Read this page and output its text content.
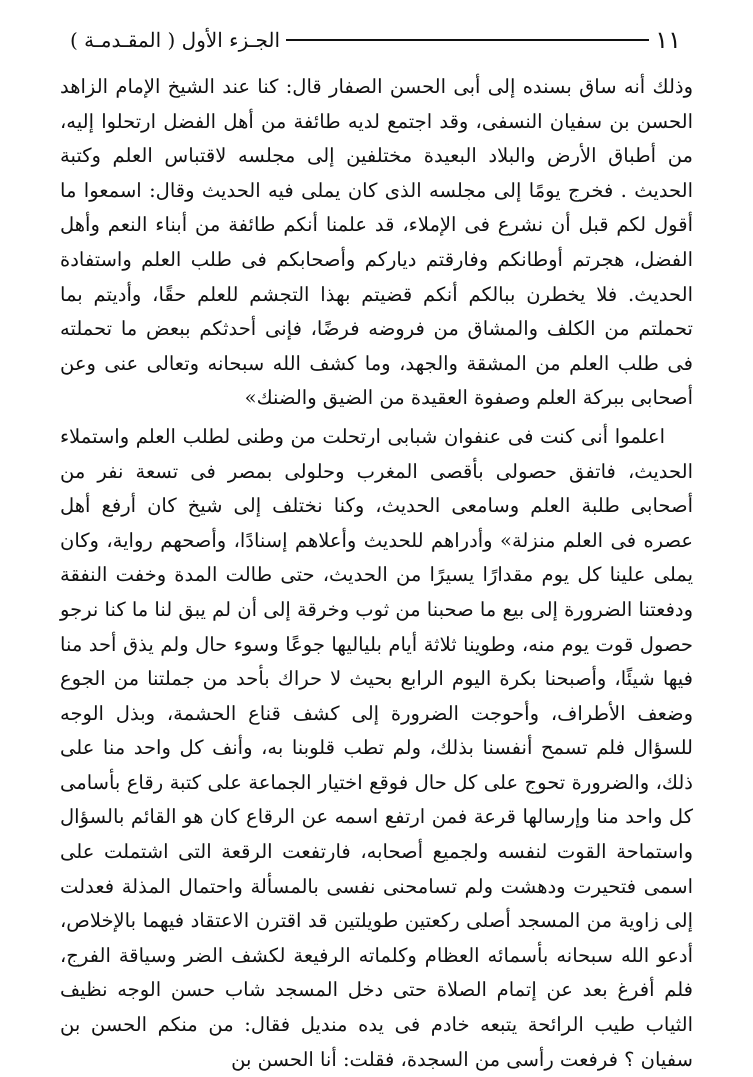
١١
الجـزء الأول ( المقـدمـة )

وذلك أنه ساق بسنده إلى أبى الحسن الصفار قال: كنا عند الشيخ الإمام الزاهد الحسن بن سفيان النسفى، وقد اجتمع لديه طائفة من أهل الفضل ارتحلوا إليه، من أطباق الأرض والبلاد البعيدة مختلفين إلى مجلسه لاقتباس العلم وكتبة الحديث . فخرج يومًا إلى مجلسه الذى كان يملى فيه الحديث وقال: اسمعوا ما أقول لكم قبل أن نشرع فى الإملاء، قد علمنا أنكم طائفة من أبناء النعم وأهل الفضل، هجرتم أوطانكم وفارقتم دياركم وأصحابكم فى طلب العلم واستفادة الحديث. فلا يخطرن ببالكم أنكم قضيتم بهذا التجشم للعلم حقًا، وأديتم بما تحملتم من الكلف والمشاق من فروضه فرضًا، فإنى أحدثكم ببعض ما تحملته فى طلب العلم من المشقة والجهد، وما كشف الله سبحانه وتعالى عنى وعن أصحابى ببركة العلم وصفوة العقيدة من الضيق والضنك»

اعلموا أنى كنت فى عنفوان شبابى ارتحلت من وطنى لطلب العلم واستملاء الحديث، فاتفق حصولى بأقصى المغرب وحلولى بمصر فى تسعة نفر من أصحابى طلبة العلم وسامعى الحديث، وكنا نختلف إلى شيخ كان أرفع أهل عصره فى العلم منزلة» وأدراهم للحديث وأعلاهم إسنادًا، وأصحهم رواية، وكان يملى علينا كل يوم مقدارًا يسيرًا من الحديث، حتى طالت المدة وخفت النفقة ودفعتنا الضرورة إلى بيع ما صحبنا من ثوب وخرقة إلى أن لم يبق لنا ما كنا نرجو حصول قوت يوم منه، وطوينا ثلاثة أيام بلياليها جوعًا وسوء حال ولم يذق أحد منا فيها شيئًا، وأصبحنا بكرة اليوم الرابع بحيث لا حراك بأحد من جملتنا من الجوع وضعف الأطراف، وأحوجت الضرورة إلى كشف قناع الحشمة، وبذل الوجه للسؤال فلم تسمح أنفسنا بذلك، ولم تطب قلوبنا به، وأنف كل واحد منا على ذلك، والضرورة تحوج على كل حال فوقع اختيار الجماعة على كتبة رقاع بأسامى كل واحد منا وإرسالها قرعة فمن ارتفع اسمه عن الرقاع كان هو القائم بالسؤال واستماحة القوت لنفسه ولجميع أصحابه، فارتفعت الرقعة التى اشتملت على اسمى فتحيرت ودهشت ولم تسامحنى نفسى بالمسألة واحتمال المذلة فعدلت إلى زاوية من المسجد أصلى ركعتين طويلتين قد اقترن الاعتقاد فيهما بالإخلاص، أدعو الله سبحانه بأسمائه العظام وكلماته الرفيعة لكشف الضر وسياقة الفرج، فلم أفرغ بعد عن إتمام الصلاة حتى دخل المسجد شاب حسن الوجه نظيف الثياب طيب الرائحة يتبعه خادم فى يده منديل فقال: من منكم الحسن بن سفيان ؟ فرفعت رأسى من السجدة، فقلت: أنا الحسن بن
